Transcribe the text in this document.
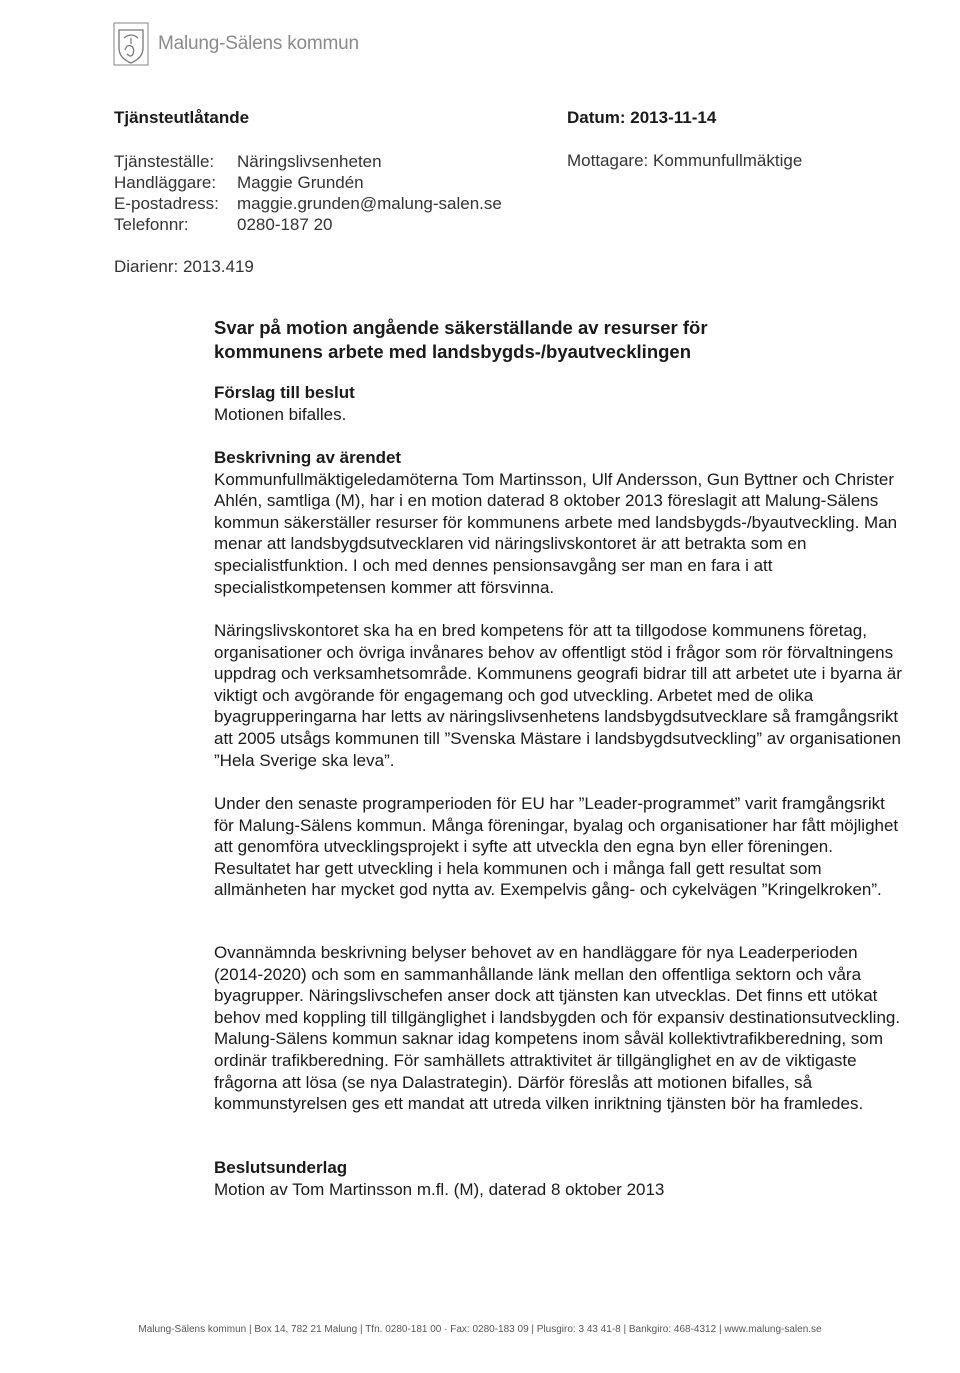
Malung-Sälens kommun
Tjänsteutlåtande	Datum: 2013-11-14
Mottagare: Kommunfullmäktige
Tjänsteställe:	Näringslivsenheten
Handläggare:	Maggie Grundén
E-postadress:	maggie.grunden@malung-salen.se
Telefonnr:	0280-187 20
Diarienr: 2013.419
Svar på motion angående säkerställande av resurser för
kommunens arbete med landsbygds-/byautvecklingen
Förslag till beslut
Motionen bifalles.
Beskrivning av ärendet

Kommunfullmäktigeledamöterna Tom Martinsson, Ulf Andersson, Gun Byttner och Christer Ahlén, samtliga (M), har i en motion daterad 8 oktober 2013 föreslagit att Malung-Sälens kommun säkerställer resurser för kommunens arbete med landsbygds-/byautveckling. Man menar att landsbygdsutvecklaren vid näringslivskontoret är att betrakta som en specialistfunktion. I och med dennes pensionsavgång ser man en fara i att specialistkompetensen kommer att försvinna.

Näringslivskontoret ska ha en bred kompetens för att ta tillgodose kommunens företag, organisationer och övriga invånares behov av offentligt stöd i frågor som rör förvaltningens uppdrag och verksamhetsområde. Kommunens geografi bidrar till att arbetet ute i byarna är viktigt och avgörande för engagemang och god utveckling. Arbetet med de olika byagrupperingarna har letts av näringslivsenhetens landsbygdsutvecklare så framgångsrikt att 2005 utsågs kommunen till ”Svenska Mästare i landsbygdsutveckling” av organisationen ”Hela Sverige ska leva”.

Under den senaste programperioden för EU har ”Leader-programmet” varit framgångsrikt för Malung-Sälens kommun. Många föreningar, byalag och organisationer har fått möjlighet att genomföra utvecklingsprojekt i syfte att utveckla den egna byn eller föreningen. Resultatet har gett utveckling i hela kommunen och i många fall gett resultat som allmänheten har mycket god nytta av. Exempelvis gång- och cykelvägen ”Kringelkroken”.

Ovannämnda beskrivning belyser behovet av en handläggare för nya Leaderperioden (2014-2020) och som en sammanhållande länk mellan den offentliga sektorn och våra byagrupper. Näringslivschefen anser dock att tjänsten kan utvecklas. Det finns ett utökat behov med koppling till tillgänglighet i landsbygden och för expansiv destinationsutveckling. Malung-Sälens kommun saknar idag kompetens inom såväl kollektivtrafikberedning, som ordinär trafikberedning. För samhällets attraktivitet är tillgänglighet en av de viktigaste frågorna att lösa (se nya Dalastrategin). Därför föreslås att motionen bifalles, så kommunstyrelsen ges ett mandat att utreda vilken inriktning tjänsten bör ha framledes.

Beslutsunderlag
Motion av Tom Martinsson m.fl. (M), daterad 8 oktober 2013
Malung-Sälens kommun | Box 14, 782 21 Malung | Tfn. 0280-181 00 · Fax: 0280-183 09 | Plusgiro: 3 43 41-8 | Bankgiro: 468-4312 | www.malung-salen.se
